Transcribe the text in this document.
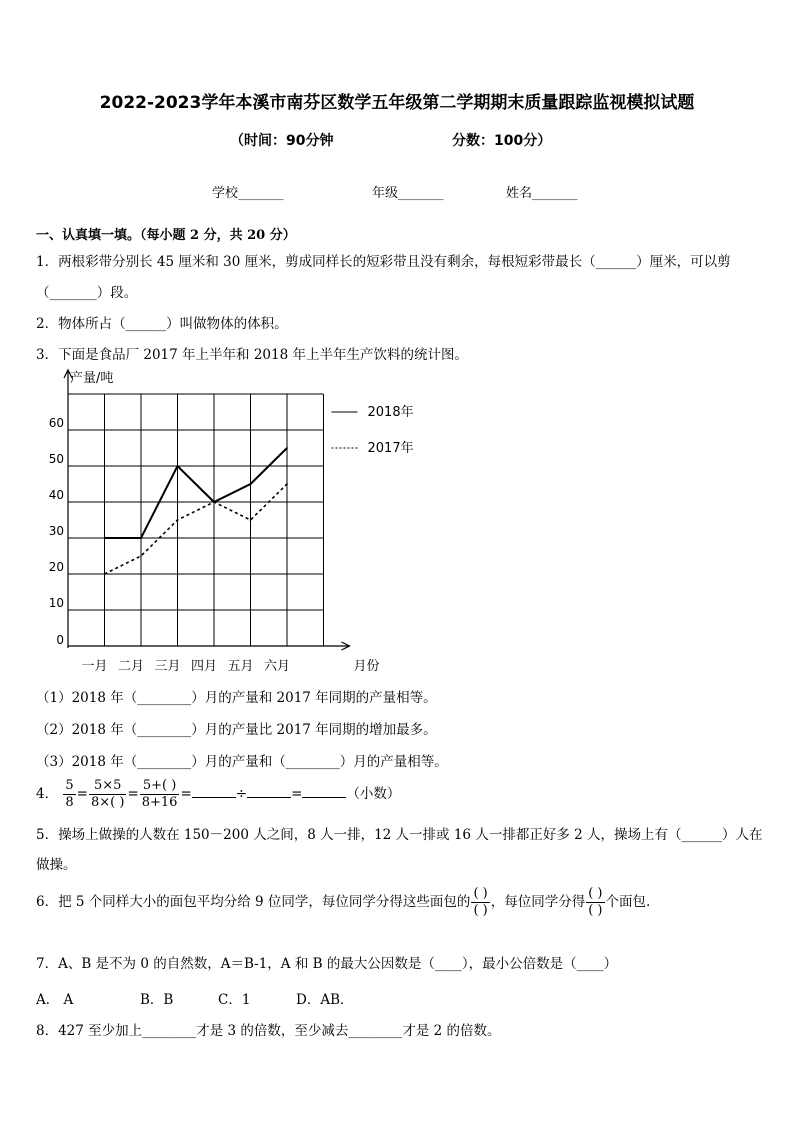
2022-2023学年本溪市南芬区数学五年级第二学期期末质量跟踪监视模拟试题
（时间：90分钟	分数：100分）
学校_______	年级_______	姓名_______
一、认真填一填。（每小题 2 分，共 20 分）
1．两根彩带分别长 45 厘米和 30 厘米，剪成同样长的短彩带且没有剩余，每根短彩带最长（______）厘米，可以剪
（_______）段。
2．物体所占（______）叫做物体的体积。
3．下面是食品厂 2017 年上半年和 2018 年上半年生产饮料的统计图。
产量/吨
月份
0
10
20
30
40
50
60
一月 二月 三月 四月 五月 六月
2018年
2017年
（1）2018 年（________）月的产量和 2017 年同期的产量相等。
（2）2018 年（________）月的产量比 2017 年同期的增加最多。
（3）2018 年（________）月的产量和（________）月的产量相等。
4． $\frac{5}{8} = \frac{5\times 5}{8\times( )} = \frac{5+( )}{8+16}$ =	÷	=	（小数）
5．操场上做操的人数在 150－200 人之间，8 人一排，12 人一排或 16 人一排都正好多 2 人，操场上有（______）人在
做操。
6．把 5 个同样大小的面包平均分给 9 位同学，每位同学分得这些面包的 $\frac{( )}{( )}$ ，每位同学分得 $\frac{( )}{( )}$ 个面包.
7．A、B 是不为 0 的自然数，A＝B-1，A 和 B 的最大公因数是（____），最小公倍数是（____）
A． A	B．B	C．1	D．AB．
8．427 至少加上________才是 3 的倍数，至少减去________才是 2 的倍数。
